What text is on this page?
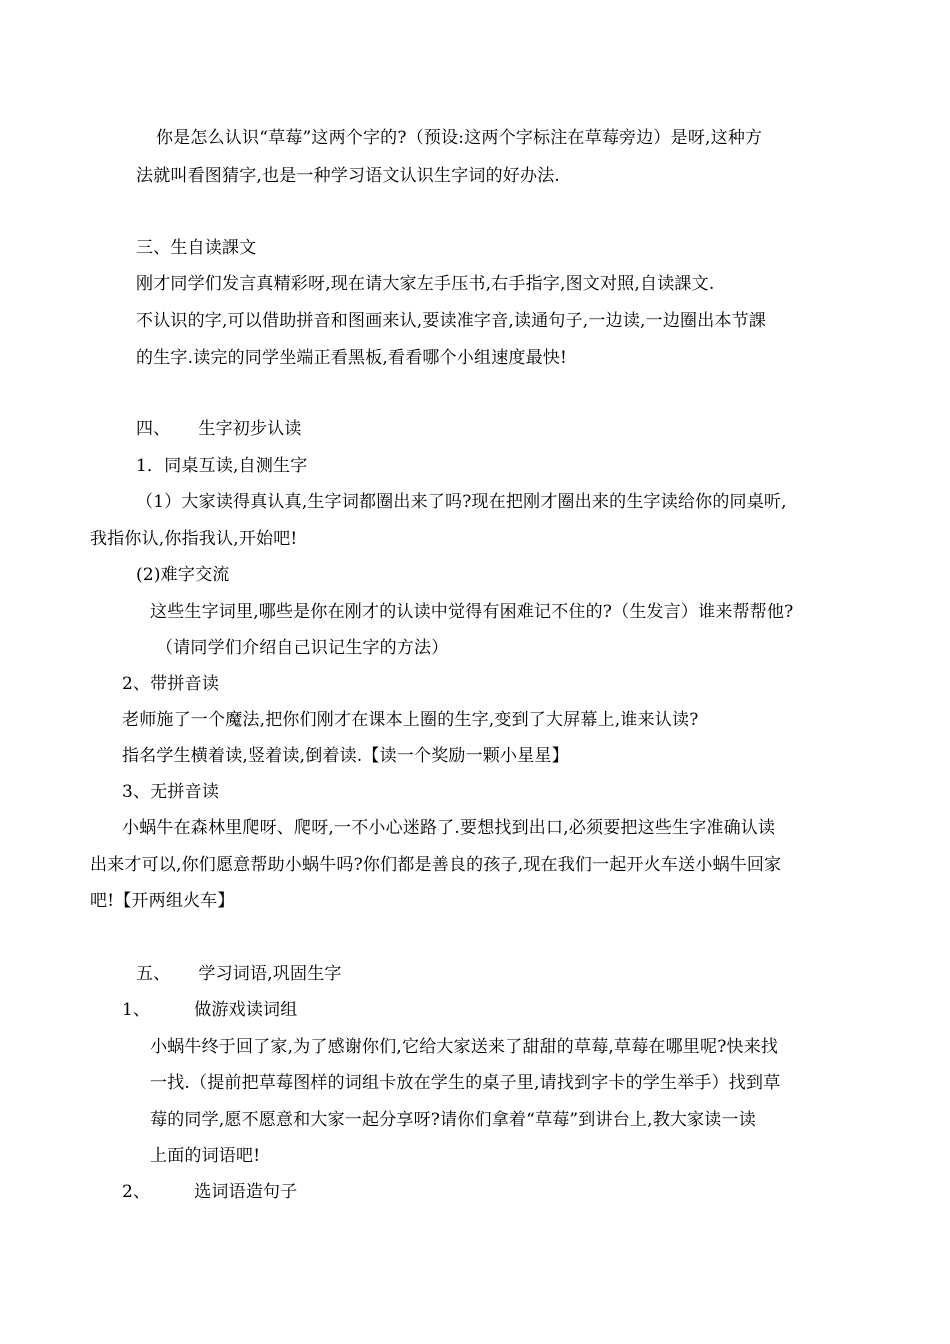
你是怎么认识“草莓”这两个字的?（预设:这两个字标注在草莓旁边）是呀,这种方
法就叫看图猜字,也是一种学习语文认识生字词的好办法.
三、生自读課文
刚才同学们发言真精彩呀,现在请大家左手压书,右手指字,图文对照,自读課文.
不认识的字,可以借助拼音和图画来认,要读准字音,读通句子,一边读,一边圈出本节課
的生字.读完的同学坐端正看黑板,看看哪个小组速度最快!
四、 生字初步认读
1．同桌互读,自测生字
（1）大家读得真认真,生字词都圈出来了吗?现在把刚才圈出来的生字读给你的同桌听,
我指你认,你指我认,开始吧!
(2)难字交流
这些生字词里,哪些是你在刚才的认读中觉得有困难记不住的?（生发言）谁来帮帮他?
（请同学们介绍自己识记生字的方法）
2、带拼音读
老师施了一个魔法,把你们刚才在课本上圈的生字,变到了大屏幕上,谁来认读?
指名学生横着读,竖着读,倒着读.【读一个奖励一颗小星星】
3、无拼音读
小蜗牛在森林里爬呀、爬呀,一不小心迷路了.要想找到出口,必须要把这些生字准确认读
出来才可以,你们愿意帮助小蜗牛吗?你们都是善良的孩子,现在我们一起开火车送小蜗牛回家
吧!【开两组火车】
五、 学习词语,巩固生字
1、	做游戏读词组
小蜗牛终于回了家,为了感谢你们,它给大家送来了甜甜的草莓,草莓在哪里呢?快来找
一找.（提前把草莓图样的词组卡放在学生的桌子里,请找到字卡的学生举手）找到草
莓的同学,愿不愿意和大家一起分享呀?请你们拿着“草莓”到讲台上,教大家读一读
上面的词语吧!
2、	选词语造句子
